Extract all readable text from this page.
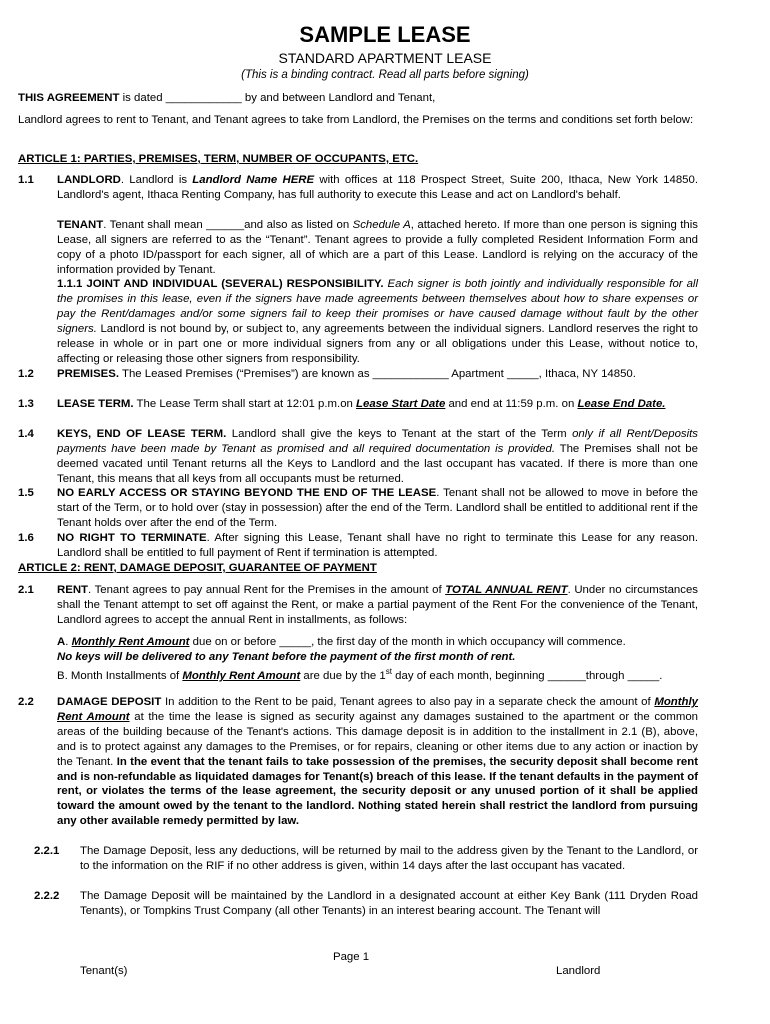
SAMPLE LEASE
STANDARD APARTMENT LEASE
(This is a binding contract. Read all parts before signing)
THIS AGREEMENT is dated ____________ by and between Landlord and Tenant,
Landlord agrees to rent to Tenant, and Tenant agrees to take from Landlord, the Premises on the terms and conditions set forth below:
ARTICLE 1: PARTIES, PREMISES, TERM, NUMBER OF OCCUPANTS, ETC.
1.1 LANDLORD. Landlord is Landlord Name HERE with offices at 118 Prospect Street, Suite 200, Ithaca, New York 14850. Landlord's agent, Ithaca Renting Company, has full authority to execute this Lease and act on Landlord's behalf.
TENANT. Tenant shall mean ______and also as listed on Schedule A, attached hereto. If more than one person is signing this Lease, all signers are referred to as the “Tenant”. Tenant agrees to provide a fully completed Resident Information Form and copy of a photo ID/passport for each signer, all of which are a part of this Lease. Landlord is relying on the accuracy of the information provided by Tenant.
1.1.1 JOINT AND INDIVIDUAL (SEVERAL) RESPONSIBILITY. Each signer is both jointly and individually responsible for all the promises in this lease, even if the signers have made agreements between themselves about how to share expenses or pay the Rent/damages and/or some signers fail to keep their promises or have caused damage without fault by the other signers. Landlord is not bound by, or subject to, any agreements between the individual signers. Landlord reserves the right to release in whole or in part one or more individual signers from any or all obligations under this Lease, without notice to, affecting or releasing those other signers from responsibility.
1.2 PREMISES. The Leased Premises (“Premises”) are known as ____________ Apartment _____, Ithaca, NY 14850.
1.3 LEASE TERM. The Lease Term shall start at 12:01 p.m.on Lease Start Date and end at 11:59 p.m. on Lease End Date.
1.4 KEYS, END OF LEASE TERM. Landlord shall give the keys to Tenant at the start of the Term only if all Rent/Deposits payments have been made by Tenant as promised and all required documentation is provided. The Premises shall not be deemed vacated until Tenant returns all the Keys to Landlord and the last occupant has vacated. If there is more than one Tenant, this means that all keys from all occupants must be returned.
1.5 NO EARLY ACCESS OR STAYING BEYOND THE END OF THE LEASE. Tenant shall not be allowed to move in before the start of the Term, or to hold over (stay in possession) after the end of the Term. Landlord shall be entitled to additional rent if the Tenant holds over after the end of the Term.
1.6 NO RIGHT TO TERMINATE. After signing this Lease, Tenant shall have no right to terminate this Lease for any reason. Landlord shall be entitled to full payment of Rent if termination is attempted.
ARTICLE 2: RENT, DAMAGE DEPOSIT, GUARANTEE OF PAYMENT
2.1 RENT. Tenant agrees to pay annual Rent for the Premises in the amount of TOTAL ANNUAL RENT. Under no circumstances shall the Tenant attempt to set off against the Rent, or make a partial payment of the Rent For the convenience of the Tenant, Landlord agrees to accept the annual Rent in installments, as follows:
A. Monthly Rent Amount due on or before _____, the first day of the month in which occupancy will commence.
No keys will be delivered to any Tenant before the payment of the first month of rent.
B. Month Installments of Monthly Rent Amount are due by the 1st day of each month, beginning ______through _____.
2.2 DAMAGE DEPOSIT In addition to the Rent to be paid, Tenant agrees to also pay in a separate check the amount of Monthly Rent Amount at the time the lease is signed as security against any damages sustained to the apartment or the common areas of the building because of the Tenant's actions. This damage deposit is in addition to the installment in 2.1 (B), above, and is to protect against any damages to the Premises, or for repairs, cleaning or other items due to any action or inaction by the Tenant. In the event that the tenant fails to take possession of the premises, the security deposit shall become rent and is non-refundable as liquidated damages for Tenant(s) breach of this lease. If the tenant defaults in the payment of rent, or violates the terms of the lease agreement, the security deposit or any unused portion of it shall be applied toward the amount owed by the tenant to the landlord. Nothing stated herein shall restrict the landlord from pursuing any other available remedy permitted by law.
2.2.1 The Damage Deposit, less any deductions, will be returned by mail to the address given by the Tenant to the Landlord, or to the information on the RIF if no other address is given, within 14 days after the last occupant has vacated.
2.2.2 The Damage Deposit will be maintained by the Landlord in a designated account at either Key Bank (111 Dryden Road Tenants), or Tompkins Trust Company (all other Tenants) in an interest bearing account. The Tenant will
Page 1
Tenant(s)	Landlord
